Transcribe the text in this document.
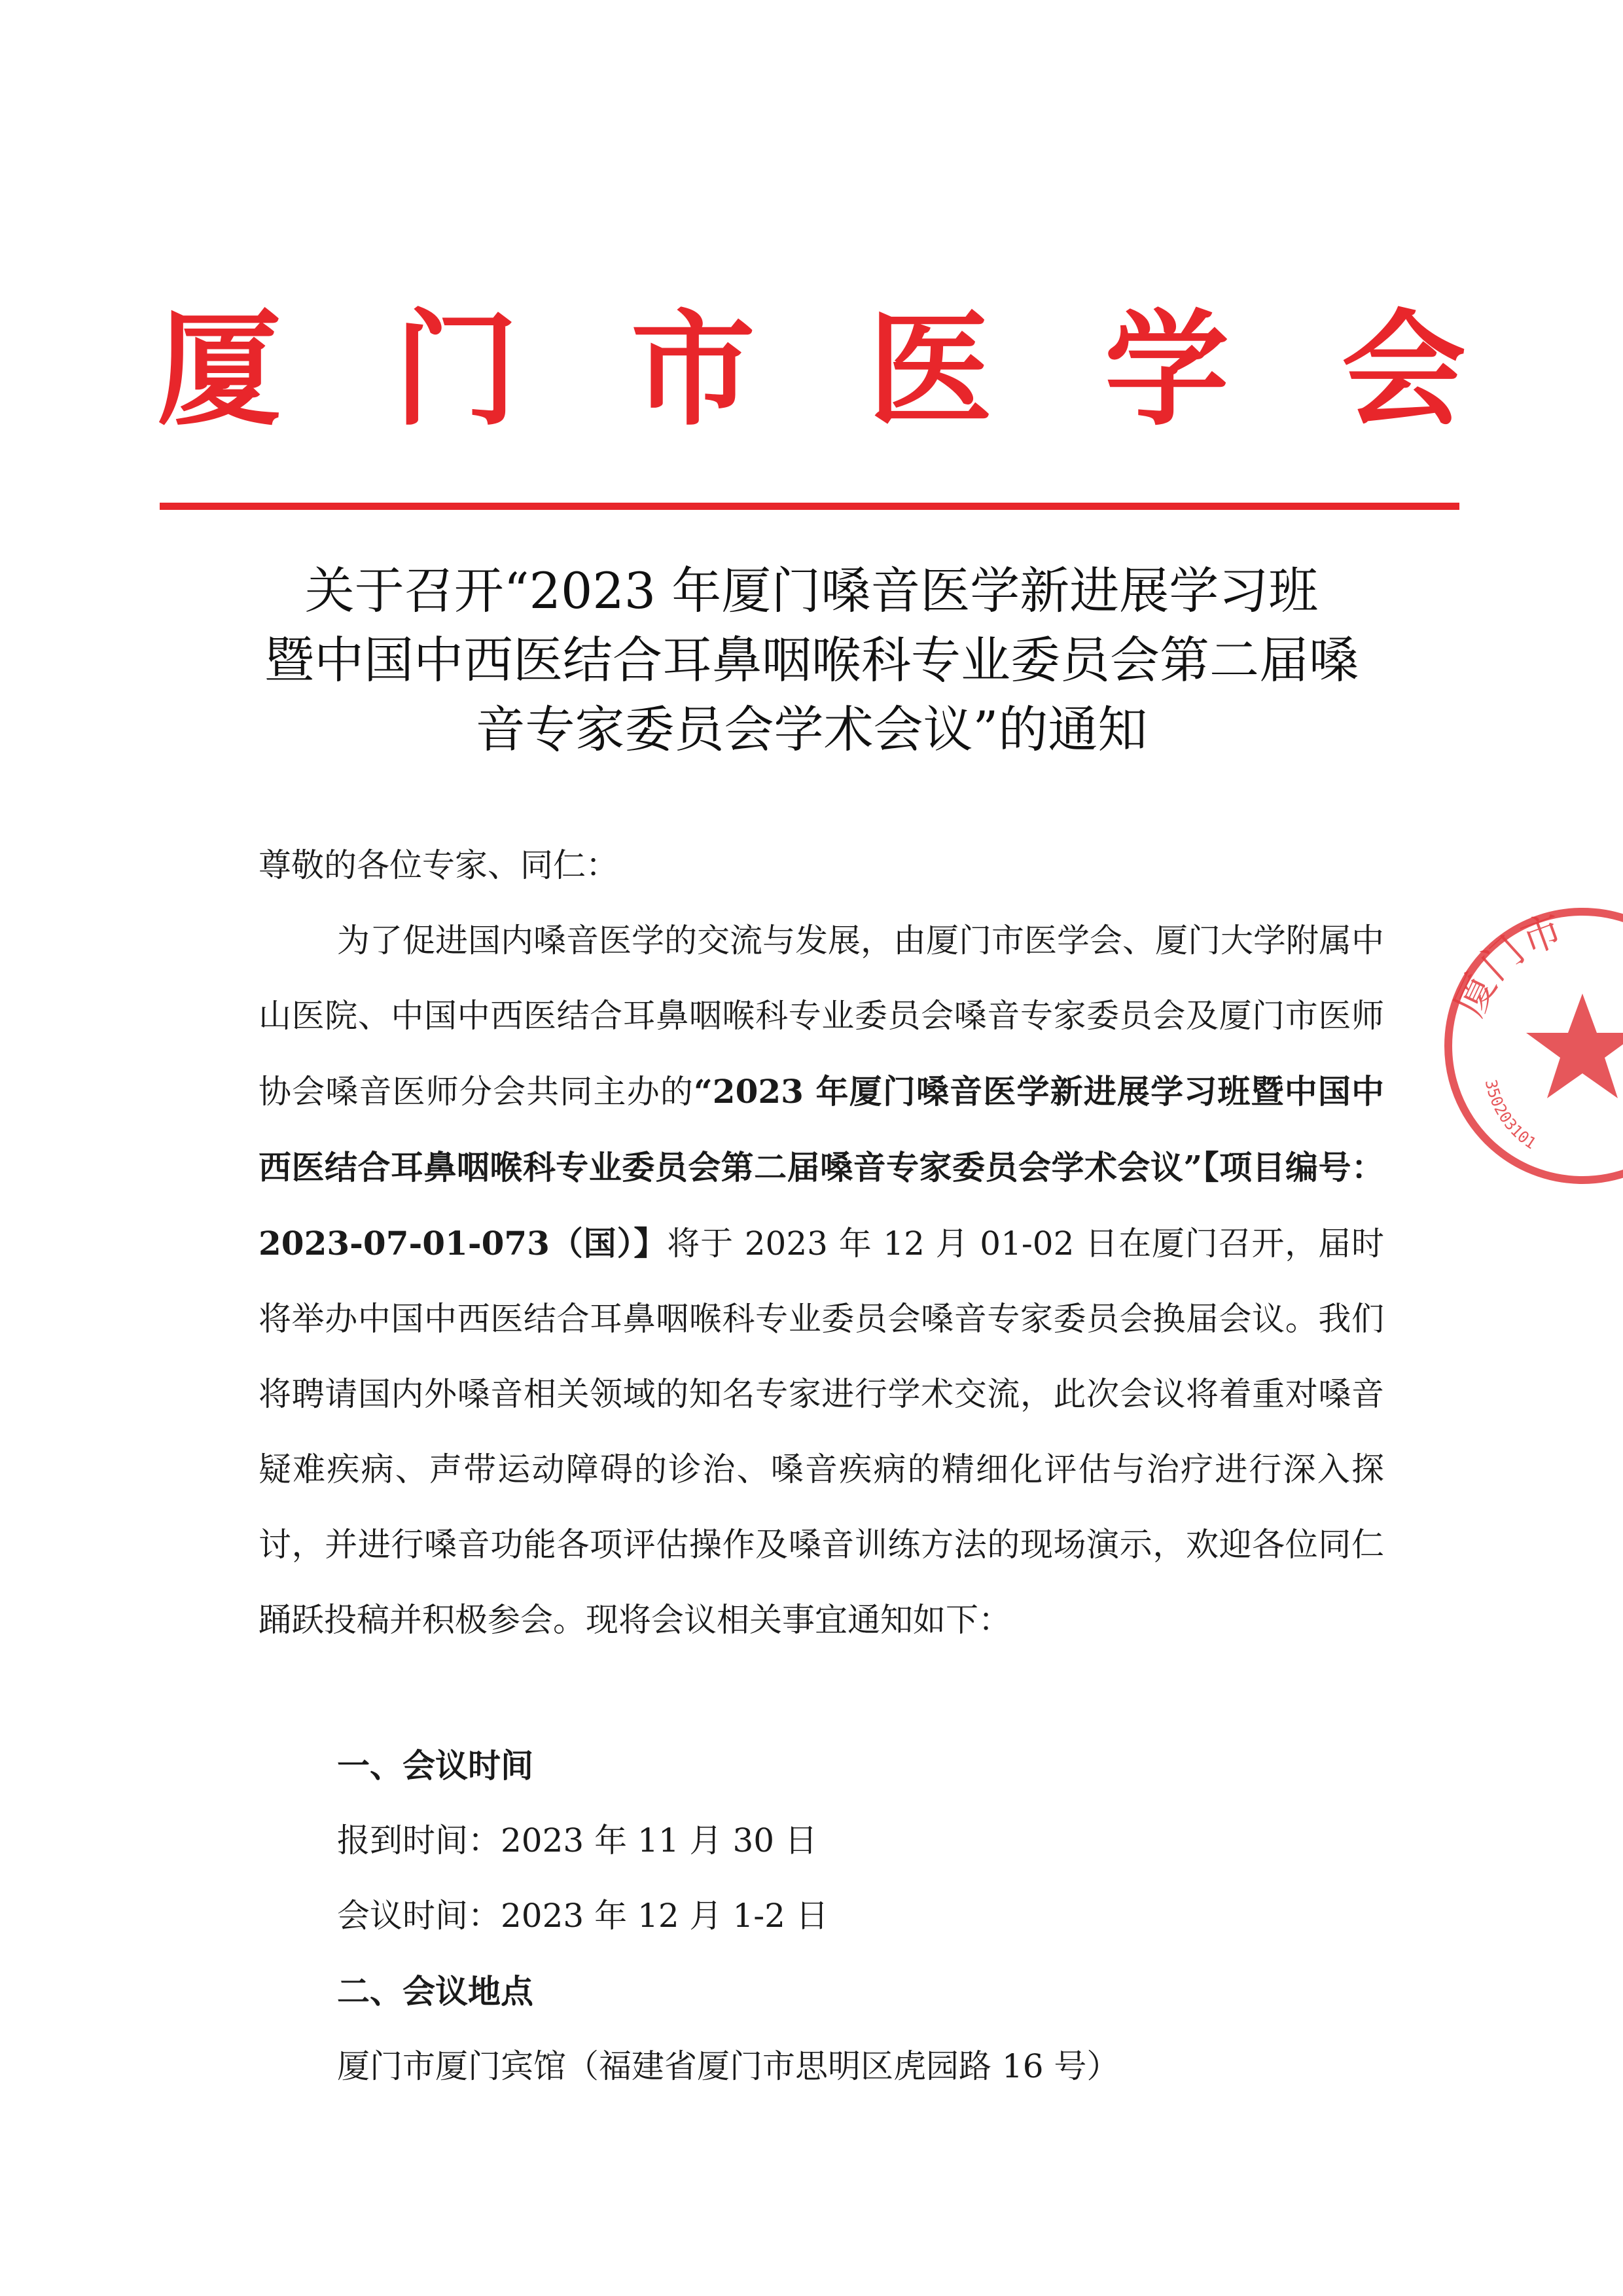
厦 门 市 医 学 会
关于召开“2023 年厦门嗓音医学新进展学习班
暨中国中西医结合耳鼻咽喉科专业委员会第二届嗓
音专家委员会学术会议”的通知
尊敬的各位专家、同仁：
为了促进国内嗓音医学的交流与发展，由厦门市医学会、厦门大学附属中山医院、中国中西医结合耳鼻咽喉科专业委员会嗓音专家委员会及厦门市医师协会嗓音医师分会共同主办的“2023 年厦门嗓音医学新进展学习班暨中国中西医结合耳鼻咽喉科专业委员会第二届嗓音专家委员会学术会议”【项目编号：2023-07-01-073（国）】将于 2023 年 12 月 01-02 日在厦门召开，届时将举办中国中西医结合耳鼻咽喉科专业委员会嗓音专家委员会换届会议。我们将聘请国内外嗓音相关领域的知名专家进行学术交流，此次会议将着重对嗓音疑难疾病、声带运动障碍的诊治、嗓音疾病的精细化评估与治疗进行深入探讨，并进行嗓音功能各项评估操作及嗓音训练方法的现场演示，欢迎各位同仁踊跃投稿并积极参会。现将会议相关事宜通知如下：
一、会议时间
报到时间：2023 年 11 月 30 日
会议时间：2023 年 12 月 1-2 日
二、会议地点
厦门市厦门宾馆（福建省厦门市思明区虎园路 16 号）
厦门市
350203101
